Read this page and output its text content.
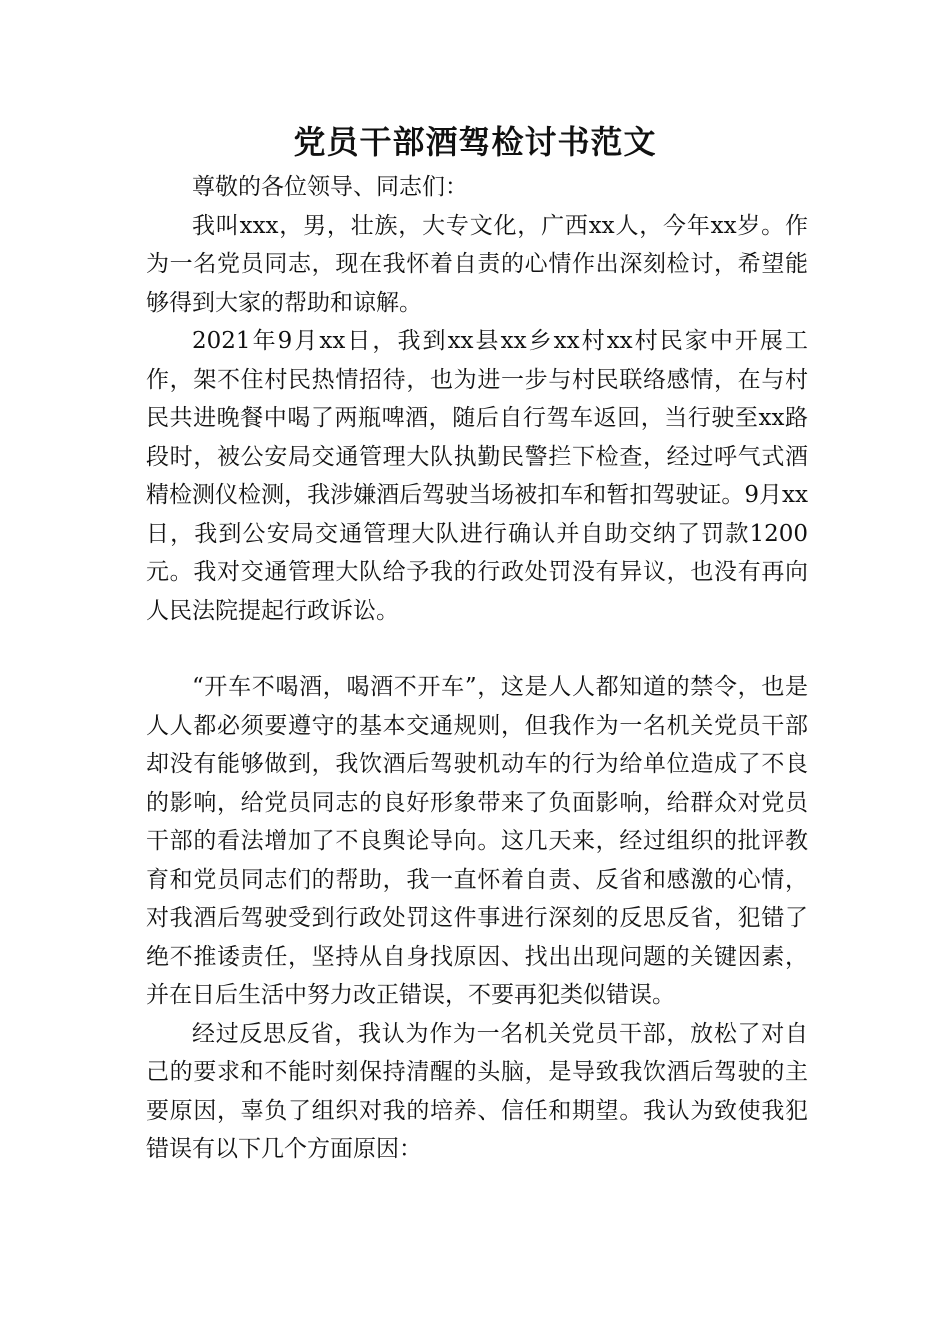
党员干部酒驾检讨书范文

尊敬的各位领导、同志们：

我叫xxx，男，壮族，大专文化，广西xx人，今年xx岁。作为一名党员同志，现在我怀着自责的心情作出深刻检讨，希望能够得到大家的帮助和谅解。

2021年9月xx日，我到xx县xx乡xx村xx村民家中开展工作，架不住村民热情招待，也为进一步与村民联络感情，在与村民共进晚餐中喝了两瓶啤酒，随后自行驾车返回，当行驶至xx路段时，被公安局交通管理大队执勤民警拦下检查，经过呼气式酒精检测仪检测，我涉嫌酒后驾驶当场被扣车和暂扣驾驶证。9月xx日，我到公安局交通管理大队进行确认并自助交纳了罚款1200元。我对交通管理大队给予我的行政处罚没有异议，也没有再向人民法院提起行政诉讼。

“开车不喝酒，喝酒不开车”，这是人人都知道的禁令，也是人人都必须要遵守的基本交通规则，但我作为一名机关党员干部却没有能够做到，我饮酒后驾驶机动车的行为给单位造成了不良的影响，给党员同志的良好形象带来了负面影响，给群众对党员干部的看法增加了不良舆论导向。这几天来，经过组织的批评教育和党员同志们的帮助，我一直怀着自责、反省和感激的心情，对我酒后驾驶受到行政处罚这件事进行深刻的反思反省，犯错了绝不推诿责任，坚持从自身找原因、找出出现问题的关键因素，并在日后生活中努力改正错误，不要再犯类似错误。

经过反思反省，我认为作为一名机关党员干部，放松了对自己的要求和不能时刻保持清醒的头脑，是导致我饮酒后驾驶的主要原因，辜负了组织对我的培养、信任和期望。我认为致使我犯错误有以下几个方面原因：
